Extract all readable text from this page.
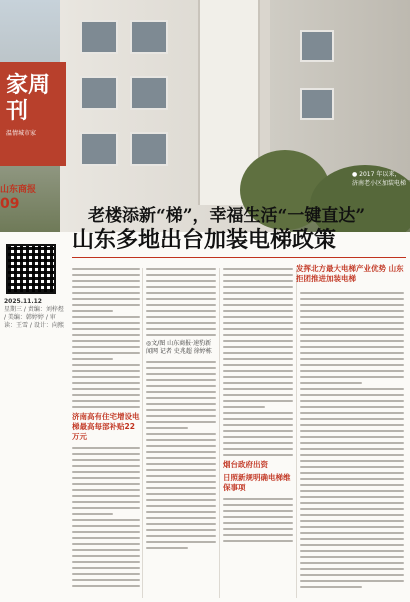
● 2017 年以来，济南老小区加装电梯
家周刊
温情城市家
山东商报
09
老楼添新“梯”，幸福生活“一键直达”
山东多地出台加装电梯政策
2025.11.12
星期三 / 责编：刘梓煜 / 美编：韩婷婷 / 审读：王雪 / 设计：向熙
济南高有住宅增设电梯最高每部补贴22万元
◎文/图 山东商报·速豹新闻网 记者 史兆超 徐婷栋
烟台政府出资
日照新规明确电梯维保事项
发挥北方最大电梯产业优势 山东拒团推进加装电梯
